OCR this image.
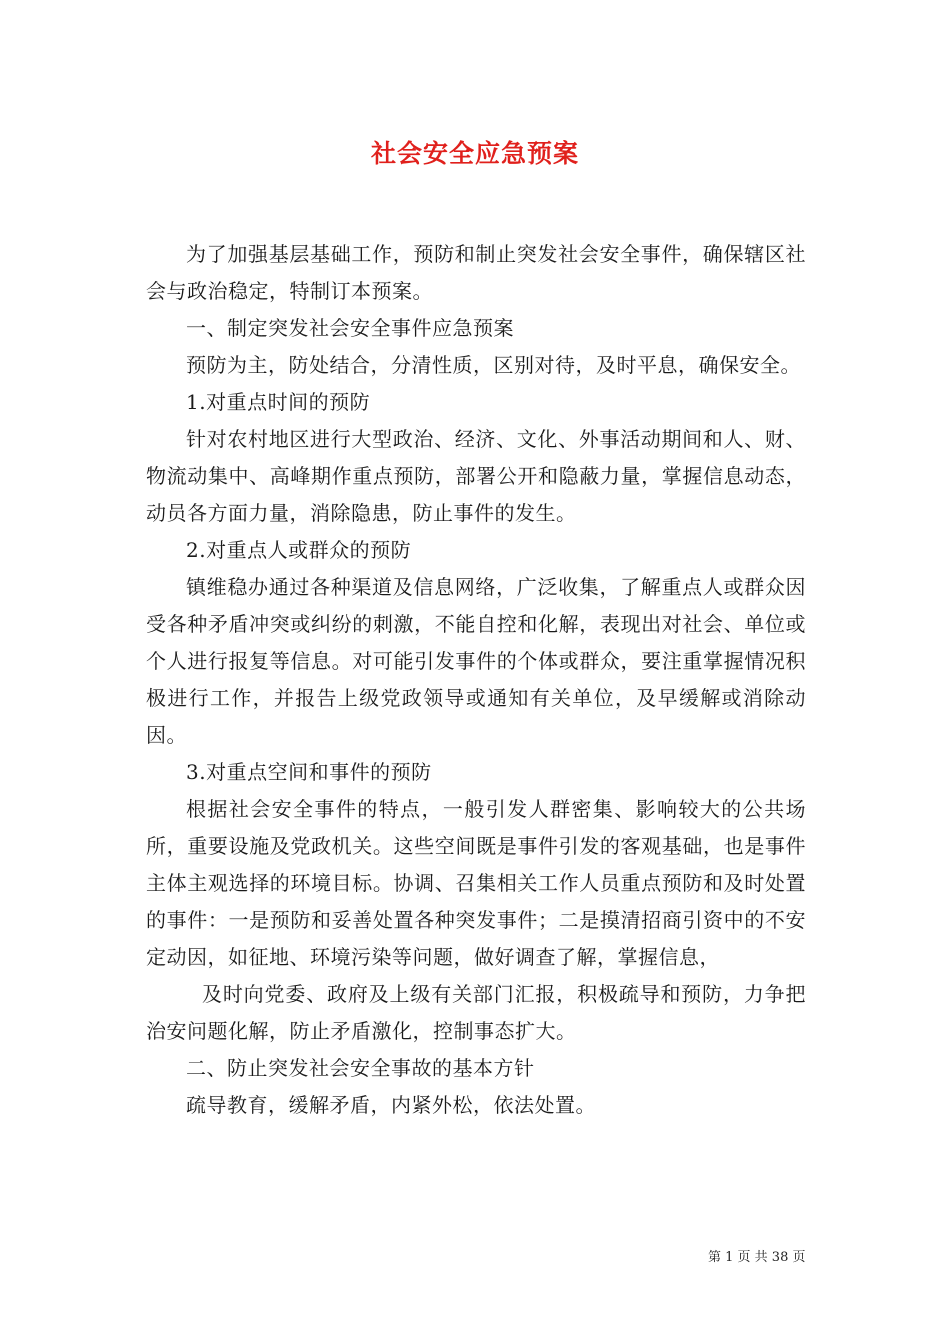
社会安全应急预案

为了加强基层基础工作，预防和制止突发社会安全事件，确保辖区社会与政治稳定，特制订本预案。

一、制定突发社会安全事件应急预案

预防为主，防处结合，分清性质，区别对待，及时平息，确保安全。

1.对重点时间的预防

针对农村地区进行大型政治、经济、文化、外事活动期间和人、财、物流动集中、高峰期作重点预防，部署公开和隐蔽力量，掌握信息动态，动员各方面力量，消除隐患，防止事件的发生。

2.对重点人或群众的预防

镇维稳办通过各种渠道及信息网络，广泛收集，了解重点人或群众因受各种矛盾冲突或纠纷的刺激，不能自控和化解，表现出对社会、单位或个人进行报复等信息。对可能引发事件的个体或群众，要注重掌握情况积极进行工作，并报告上级党政领导或通知有关单位，及早缓解或消除动因。

3.对重点空间和事件的预防

根据社会安全事件的特点，一般引发人群密集、影响较大的公共场所，重要设施及党政机关。这些空间既是事件引发的客观基础，也是事件主体主观选择的环境目标。协调、召集相关工作人员重点预防和及时处置的事件：一是预防和妥善处置各种突发事件；二是摸清招商引资中的不安定动因，如征地、环境污染等问题，做好调查了解，掌握信息，

及时向党委、政府及上级有关部门汇报，积极疏导和预防，力争把治安问题化解，防止矛盾激化，控制事态扩大。

二、防止突发社会安全事故的基本方针

疏导教育，缓解矛盾，内紧外松，依法处置。

第 1 页 共 38 页
